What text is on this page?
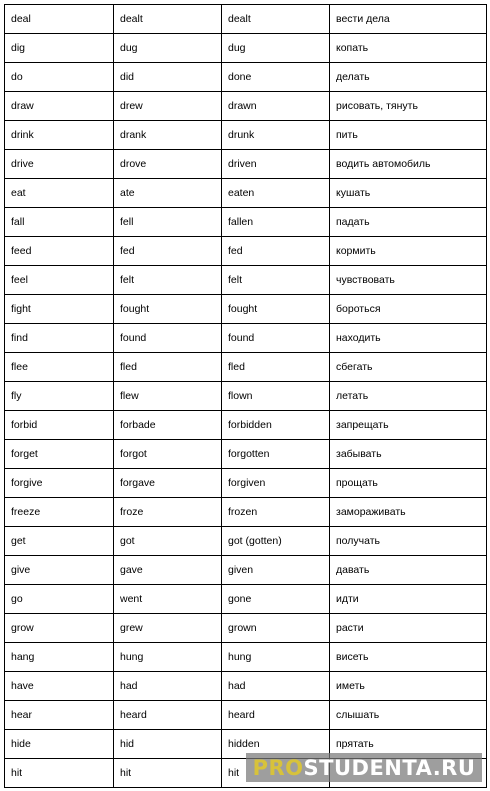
deal	dealt	dealt	вести дела
dig	dug	dug	копать
do	did	done	делать
draw	drew	drawn	рисовать, тянуть
drink	drank	drunk	пить
drive	drove	driven	водить автомобиль
eat	ate	eaten	кушать
fall	fell	fallen	падать
feed	fed	fed	кормить
feel	felt	felt	чувствовать
fight	fought	fought	бороться
find	found	found	находить
flee	fled	fled	сбегать
fly	flew	flown	летать
forbid	forbade	forbidden	запрещать
forget	forgot	forgotten	забывать
forgive	forgave	forgiven	прощать
freeze	froze	frozen	замораживать
get	got	got (gotten)	получать
give	gave	given	давать
go	went	gone	идти
grow	grew	grown	расти
hang	hung	hung	висеть
have	had	had	иметь
hear	heard	heard	слышать
hide	hid	hidden	прятать
hit	hit	hit	PRO STUDENTA.RU
